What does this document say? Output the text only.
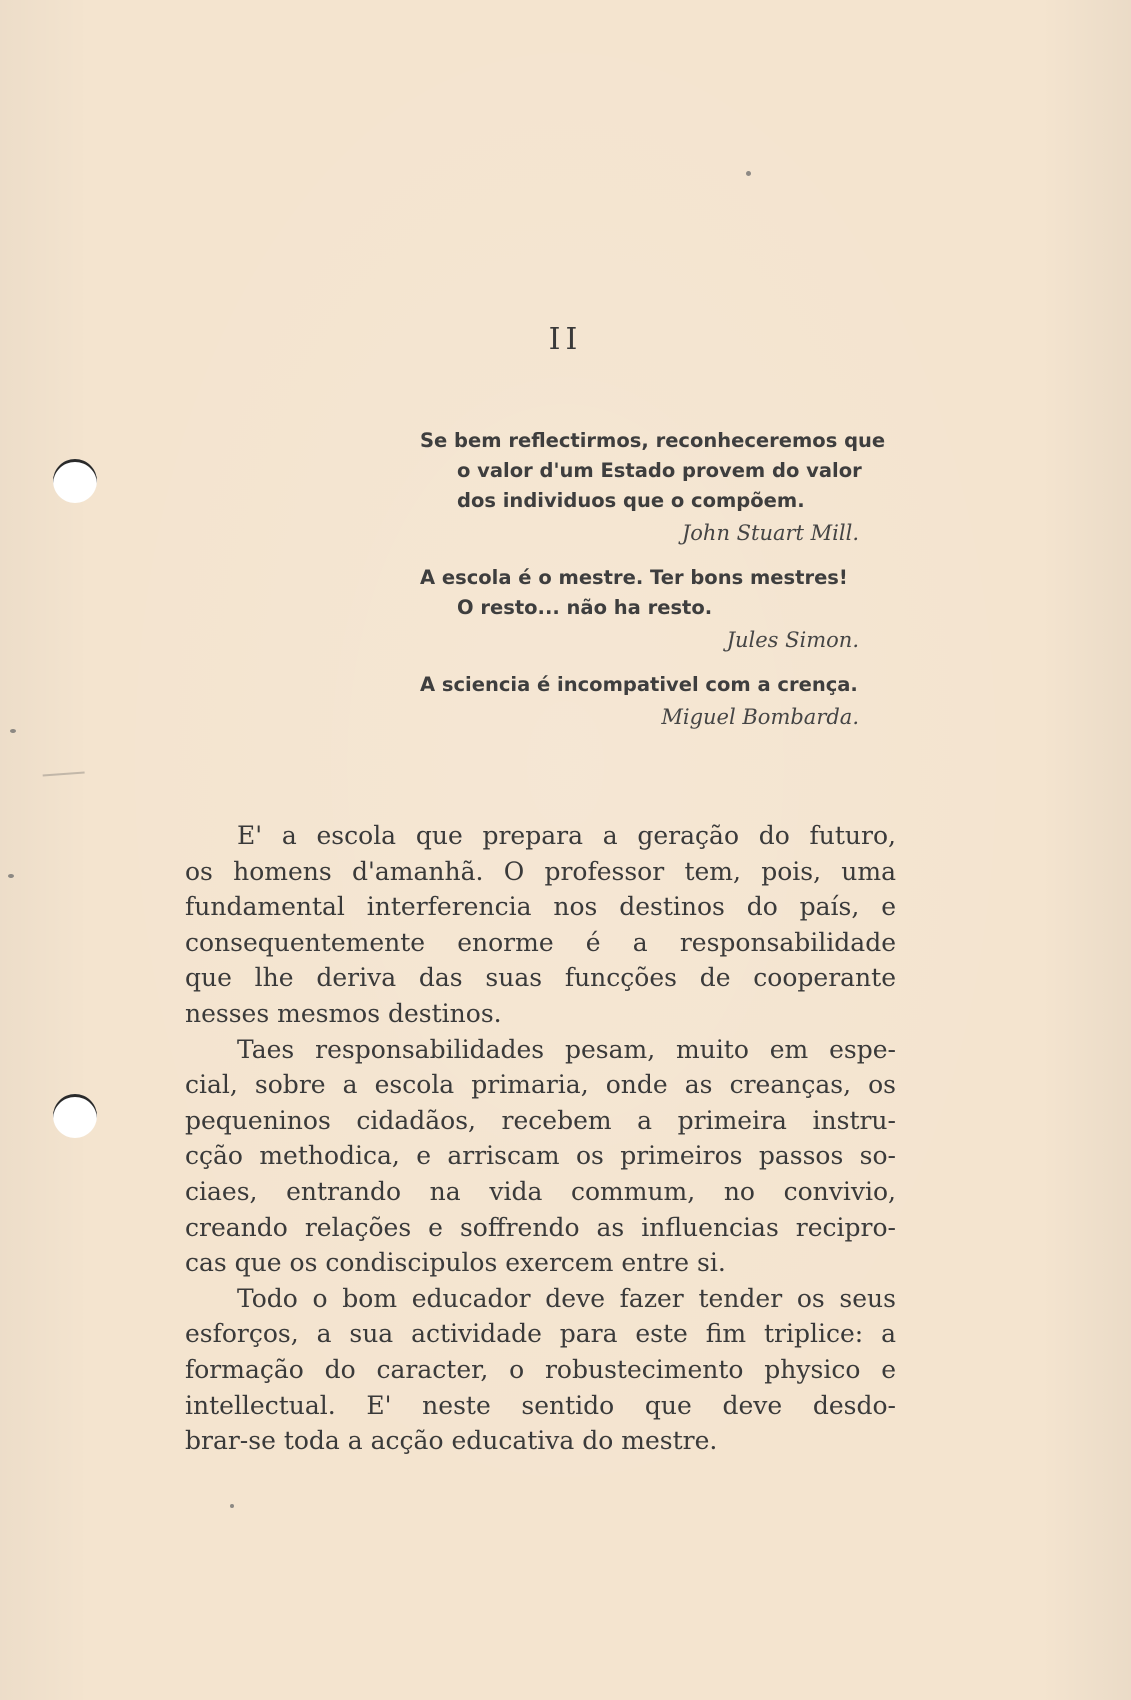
II
Se bem reflectirmos, reconheceremos que
o valor d'um Estado provem do valor
dos individuos que o compõem.
John Stuart Mill.
A escola é o mestre. Ter bons mestres!
O resto... não ha resto.
Jules Simon.
A sciencia é incompativel com a crença.
Miguel Bombarda.
E' a escola que prepara a geração do futuro,
os homens d'amanhã. O professor tem, pois, uma
fundamental interferencia nos destinos do país, e
consequentemente enorme é a responsabilidade
que lhe deriva das suas funcções de cooperante
nesses mesmos destinos.
Taes responsabilidades pesam, muito em espe-
cial, sobre a escola primaria, onde as creanças, os
pequeninos cidadãos, recebem a primeira instru-
cção methodica, e arriscam os primeiros passos so-
ciaes, entrando na vida commum, no convivio,
creando relações e soffrendo as influencias recipro-
cas que os condiscipulos exercem entre si.
Todo o bom educador deve fazer tender os seus
esforços, a sua actividade para este fim triplice: a
formação do caracter, o robustecimento physico e
intellectual. E' neste sentido que deve desdo-
brar-se toda a acção educativa do mestre.
